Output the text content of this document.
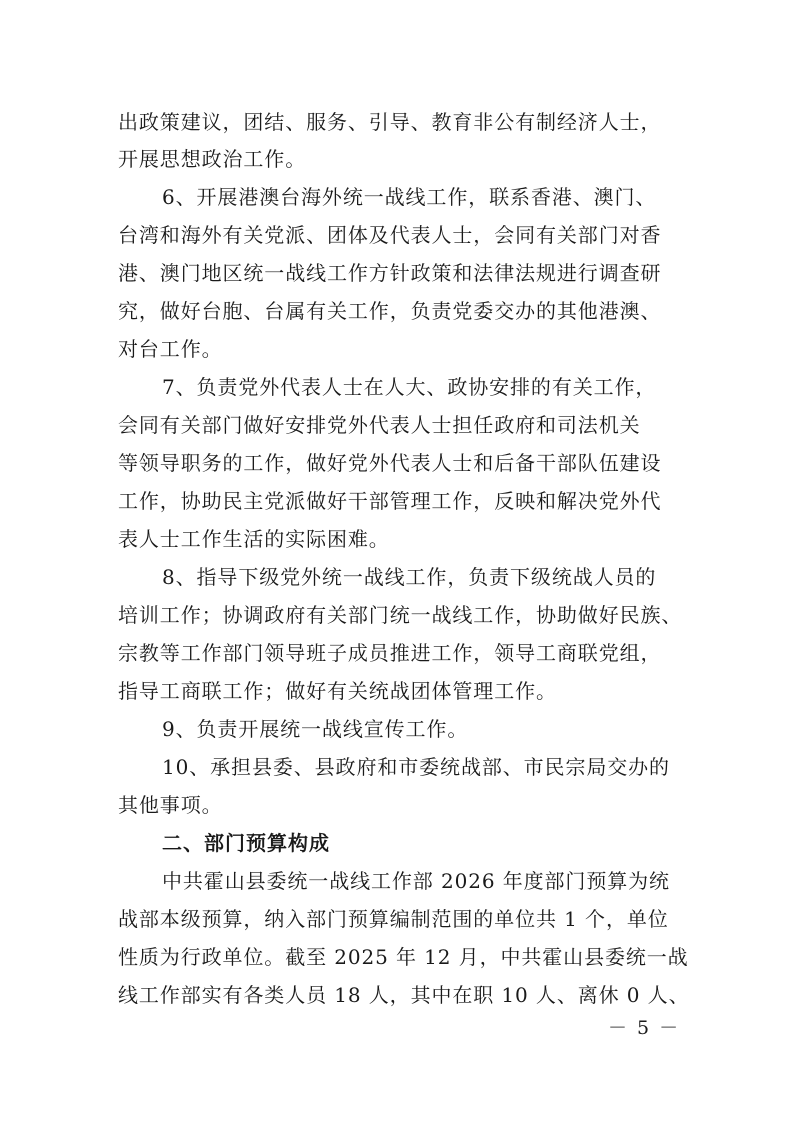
出政策建议，团结、服务、引导、教育非公有制经济人士，
开展思想政治工作。
6、开展港澳台海外统一战线工作，联系香港、澳门、
台湾和海外有关党派、团体及代表人士，会同有关部门对香
港、澳门地区统一战线工作方针政策和法律法规进行调查研
究，做好台胞、台属有关工作，负责党委交办的其他港澳、
对台工作。
7、负责党外代表人士在人大、政协安排的有关工作，
会同有关部门做好安排党外代表人士担任政府和司法机关
等领导职务的工作，做好党外代表人士和后备干部队伍建设
工作，协助民主党派做好干部管理工作，反映和解决党外代
表人士工作生活的实际困难。
8、指导下级党外统一战线工作，负责下级统战人员的
培训工作；协调政府有关部门统一战线工作，协助做好民族、
宗教等工作部门领导班子成员推进工作，领导工商联党组，
指导工商联工作；做好有关统战团体管理工作。
9、负责开展统一战线宣传工作。
10、承担县委、县政府和市委统战部、市民宗局交办的
其他事项。
二、部门预算构成
中共霍山县委统一战线工作部 2026 年度部门预算为统
战部本级预算，纳入部门预算编制范围的单位共 1 个，单位
性质为行政单位。截至 2025 年 12 月，中共霍山县委统一战
线工作部实有各类人员 18 人，其中在职 10 人、离休 0 人、
－ 5 －
